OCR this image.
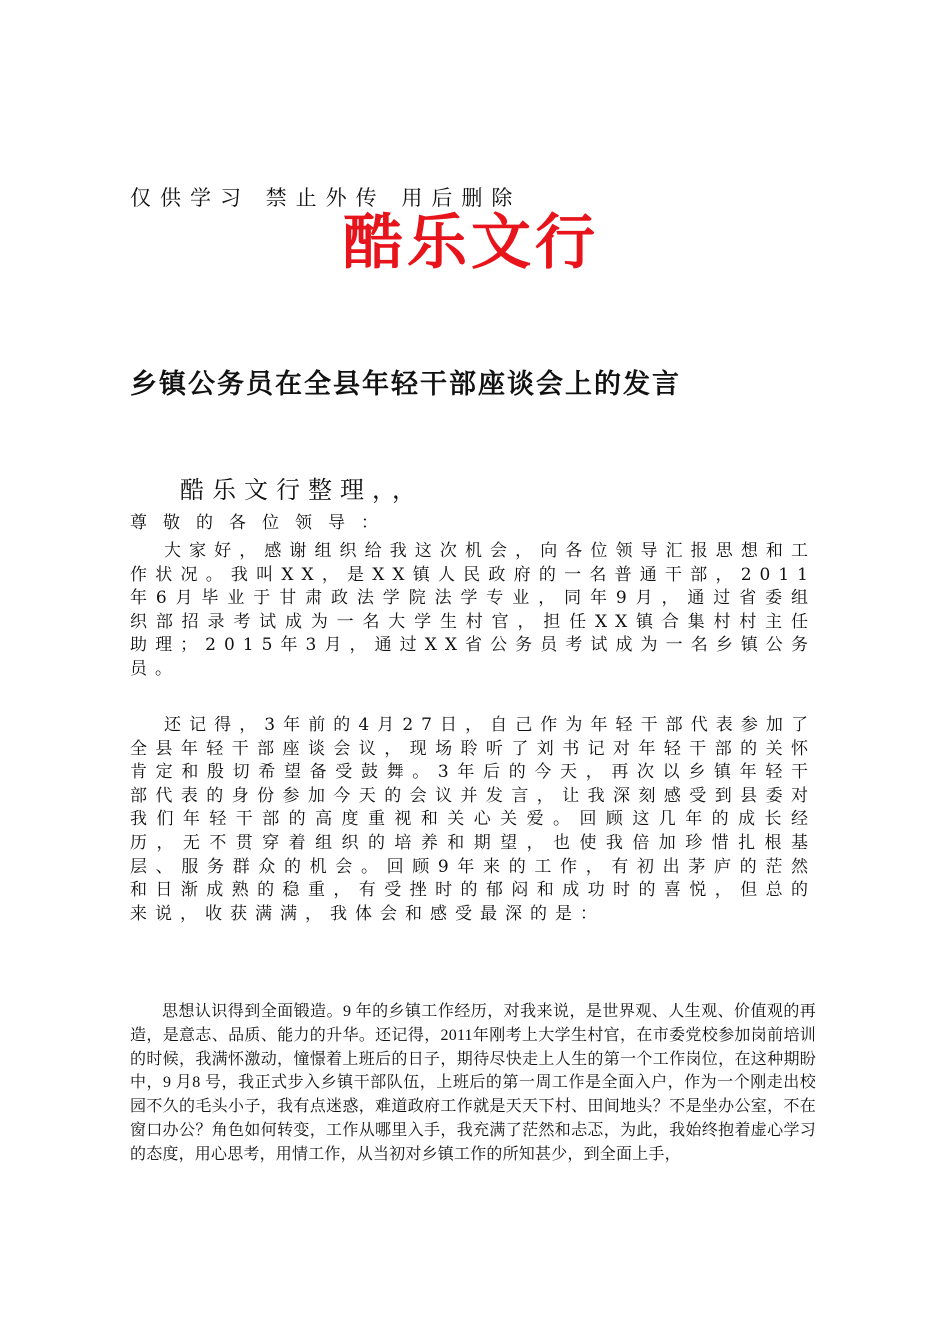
仅供学习 禁止外传 用后删除
酷乐文行
乡镇公务员在全县年轻干部座谈会上的发言
酷乐文行整理，，
尊敬的各位领导：

大家好，感谢组织给我这次机会，向各位领导汇报思想和工作状况。我叫XX，是XX镇人民政府的一名普通干部，2011年6月毕业于甘肃政法学院法学专业，同年9月，通过省委组织部招录考试成为一名大学生村官，担任XX镇合集村村主任助理；2015年3月，通过XX省公务员考试成为一名乡镇公务员。

还记得，3年前的4月27日，自己作为年轻干部代表参加了全县年轻干部座谈会议，现场聆听了刘书记对年轻干部的关怀肯定和殷切希望备受鼓舞。3年后的今天，再次以乡镇年轻干部代表的身份参加今天的会议并发言，让我深刻感受到县委对我们年轻干部的高度重视和关心关爱。回顾这几年的成长经历，无不贯穿着组织的培养和期望，也使我倍加珍惜扎根基层、服务群众的机会。回顾9年来的工作，有初出茅庐的茫然和日渐成熟的稳重，有受挫时的郁闷和成功时的喜悦，但总的来说，收获满满，我体会和感受最深的是：

思想认识得到全面锻造。9 年的乡镇工作经历，对我来说，是世界观、人生观、价值观的再造，是意志、品质、能力的升华。还记得，2011年刚考上大学生村官，在市委党校参加岗前培训的时候，我满怀激动，憧憬着上班后的日子，期待尽快走上人生的第一个工作岗位，在这种期盼中，9 月8 号，我正式步入乡镇干部队伍，上班后的第一周工作是全面入户，作为一个刚走出校园不久的毛头小子，我有点迷惑，难道政府工作就是天天下村、田间地头？不是坐办公室，不在窗口办公？角色如何转变，工作从哪里入手，我充满了茫然和忐忑，为此，我始终抱着虚心学习的态度，用心思考，用情工作，从当初对乡镇工作的所知甚少，到全面上手，
